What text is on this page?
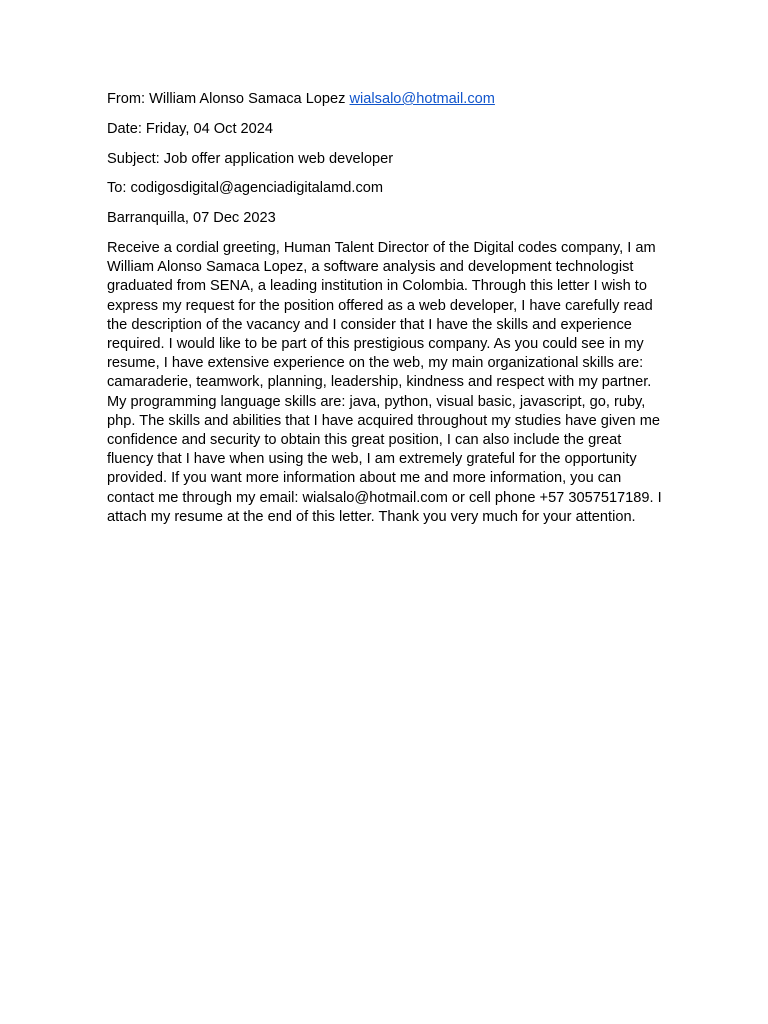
From: William Alonso Samaca Lopez wialsalo@hotmail.com

Date: Friday, 04 Oct 2024

Subject: Job offer application web developer

To: codigosdigital@agenciadigitalamd.com

Barranquilla, 07 Dec 2023

Receive a cordial greeting, Human Talent Director of the Digital codes company, I am William Alonso Samaca Lopez, a software analysis and development technologist graduated from SENA, a leading institution in Colombia. Through this letter I wish to express my request for the position offered as a web developer, I have carefully read the description of the vacancy and I consider that I have the skills and experience required. I would like to be part of this prestigious company. As you could see in my resume, I have extensive experience on the web, my main organizational skills are: camaraderie, teamwork, planning, leadership, kindness and respect with my partner. My programming language skills are: java, python, visual basic, javascript, go, ruby, php. The skills and abilities that I have acquired throughout my studies have given me confidence and security to obtain this great position, I can also include the great fluency that I have when using the web, I am extremely grateful for the opportunity provided. If you want more information about me and more information, you can contact me through my email: wialsalo@hotmail.com or cell phone +57 3057517189. I attach my resume at the end of this letter. Thank you very much for your attention.
